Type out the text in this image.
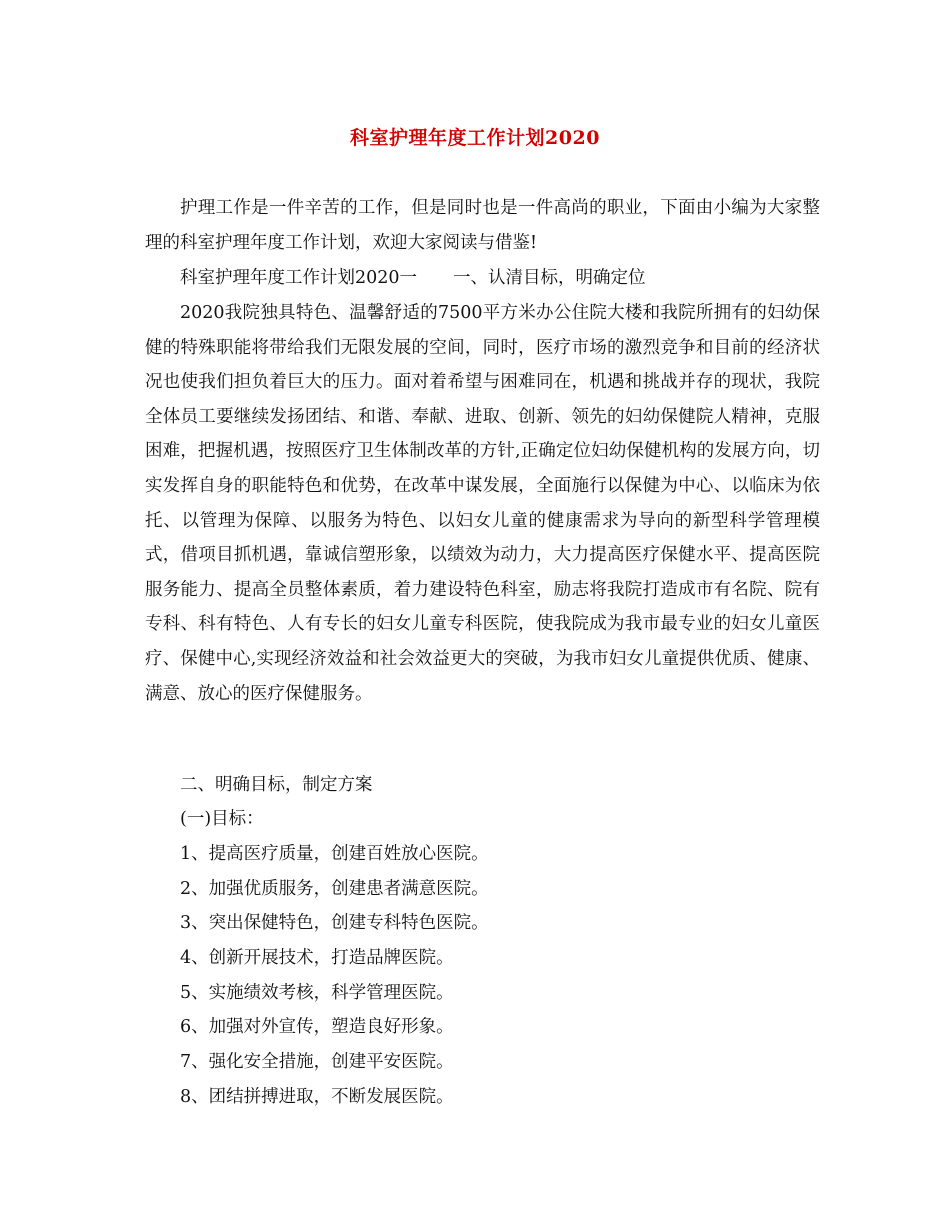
科室护理年度工作计划2020

护理工作是一件辛苦的工作，但是同时也是一件高尚的职业，下面由小编为大家整理的科室护理年度工作计划，欢迎大家阅读与借鉴!

科室护理年度工作计划2020一 一、认清目标，明确定位

2020我院独具特色、温馨舒适的7500平方米办公住院大楼和我院所拥有的妇幼保健的特殊职能将带给我们无限发展的空间，同时，医疗市场的激烈竞争和目前的经济状况也使我们担负着巨大的压力。面对着希望与困难同在，机遇和挑战并存的现状，我院全体员工要继续发扬团结、和谐、奉献、进取、创新、领先的妇幼保健院人精神，克服困难，把握机遇，按照医疗卫生体制改革的方针,正确定位妇幼保健机构的发展方向，切实发挥自身的职能特色和优势，在改革中谋发展，全面施行以保健为中心、以临床为依托、以管理为保障、以服务为特色、以妇女儿童的健康需求为导向的新型科学管理模式，借项目抓机遇，靠诚信塑形象，以绩效为动力，大力提高医疗保健水平、提高医院服务能力、提高全员整体素质，着力建设特色科室，励志将我院打造成市有名院、院有专科、科有特色、人有专长的妇女儿童专科医院，使我院成为我市最专业的妇女儿童医疗、保健中心,实现经济效益和社会效益更大的突破，为我市妇女儿童提供优质、健康、满意、放心的医疗保健服务。

二、明确目标，制定方案
(一)目标：
1、提高医疗质量，创建百姓放心医院。
2、加强优质服务，创建患者满意医院。
3、突出保健特色，创建专科特色医院。
4、创新开展技术，打造品牌医院。
5、实施绩效考核，科学管理医院。
6、加强对外宣传，塑造良好形象。
7、强化安全措施，创建平安医院。
8、团结拼搏进取，不断发展医院。
